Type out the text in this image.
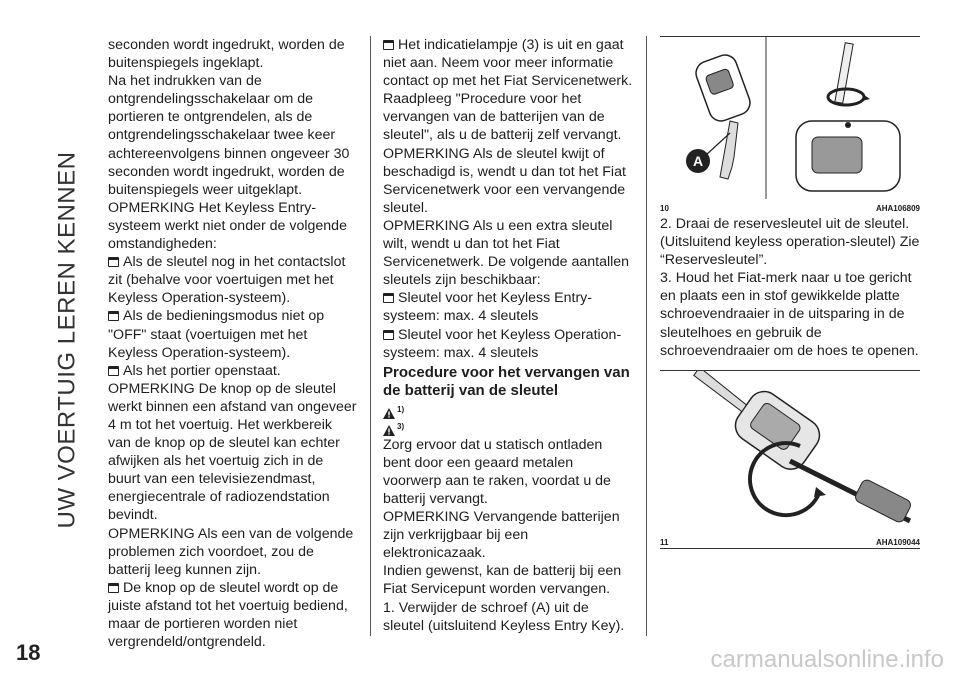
UW VOERTUIG LEREN KENNEN

seconden wordt ingedrukt, worden de buitenspiegels ingeklapt.

Na het indrukken van de ontgrendelingsschakelaar om de portieren te ontgrendelen, als de ontgrendelingsschakelaar twee keer achtereenvolgens binnen ongeveer 30 seconden wordt ingedrukt, worden de buitenspiegels weer uitgeklapt.

OPMERKING Het Keyless Entry-systeem werkt niet onder de volgende omstandigheden:

Als de sleutel nog in het contactslot zit (behalve voor voertuigen met het Keyless Operation-systeem).

Als de bedieningsmodus niet op "OFF" staat (voertuigen met het Keyless Operation-systeem).

Als het portier openstaat.

OPMERKING De knop op de sleutel werkt binnen een afstand van ongeveer 4 m tot het voertuig. Het werkbereik van de knop op de sleutel kan echter afwijken als het voertuig zich in de buurt van een televisiezendmast, energiecentrale of radiozendstation bevindt.

OPMERKING Als een van de volgende problemen zich voordoet, zou de batterij leeg kunnen zijn.

De knop op de sleutel wordt op de juiste afstand tot het voertuig bediend, maar de portieren worden niet vergrendeld/ontgrendeld.

Het indicatielampje (3) is uit en gaat niet aan. Neem voor meer informatie contact op met het Fiat Servicenetwerk. Raadpleeg "Procedure voor het vervangen van de batterijen van de sleutel", als u de batterij zelf vervangt.

OPMERKING Als de sleutel kwijt of beschadigd is, wendt u dan tot het Fiat Servicenetwerk voor een vervangende sleutel.

OPMERKING Als u een extra sleutel wilt, wendt u dan tot het Fiat Servicenetwerk. De volgende aantallen sleutels zijn beschikbaar:

Sleutel voor het Keyless Entry-systeem: max. 4 sleutels

Sleutel voor het Keyless Operation-systeem: max. 4 sleutels

Procedure voor het vervangen van de batterij van de sleutel
1)
3)

Zorg ervoor dat u statisch ontladen bent door een geaard metalen voorwerp aan te raken, voordat u de batterij vervangt.

OPMERKING Vervangende batterijen zijn verkrijgbaar bij een elektronicazaak.

Indien gewenst, kan de batterij bij een Fiat Servicepunt worden vervangen.

1. Verwijder de schroef (A) uit de sleutel (uitsluitend Keyless Entry Key).

A
10	AHA106809

2. Draai de reservesleutel uit de sleutel. (Uitsluitend keyless operation-sleutel) Zie “Reservesleutel”.

3. Houd het Fiat-merk naar u toe gericht en plaats een in stof gewikkelde platte schroevendraaier in de uitsparing in de sleutelhoes en gebruik de schroevendraaier om de hoes te openen.

11	AHA109044
18	carmanualsonline.info
